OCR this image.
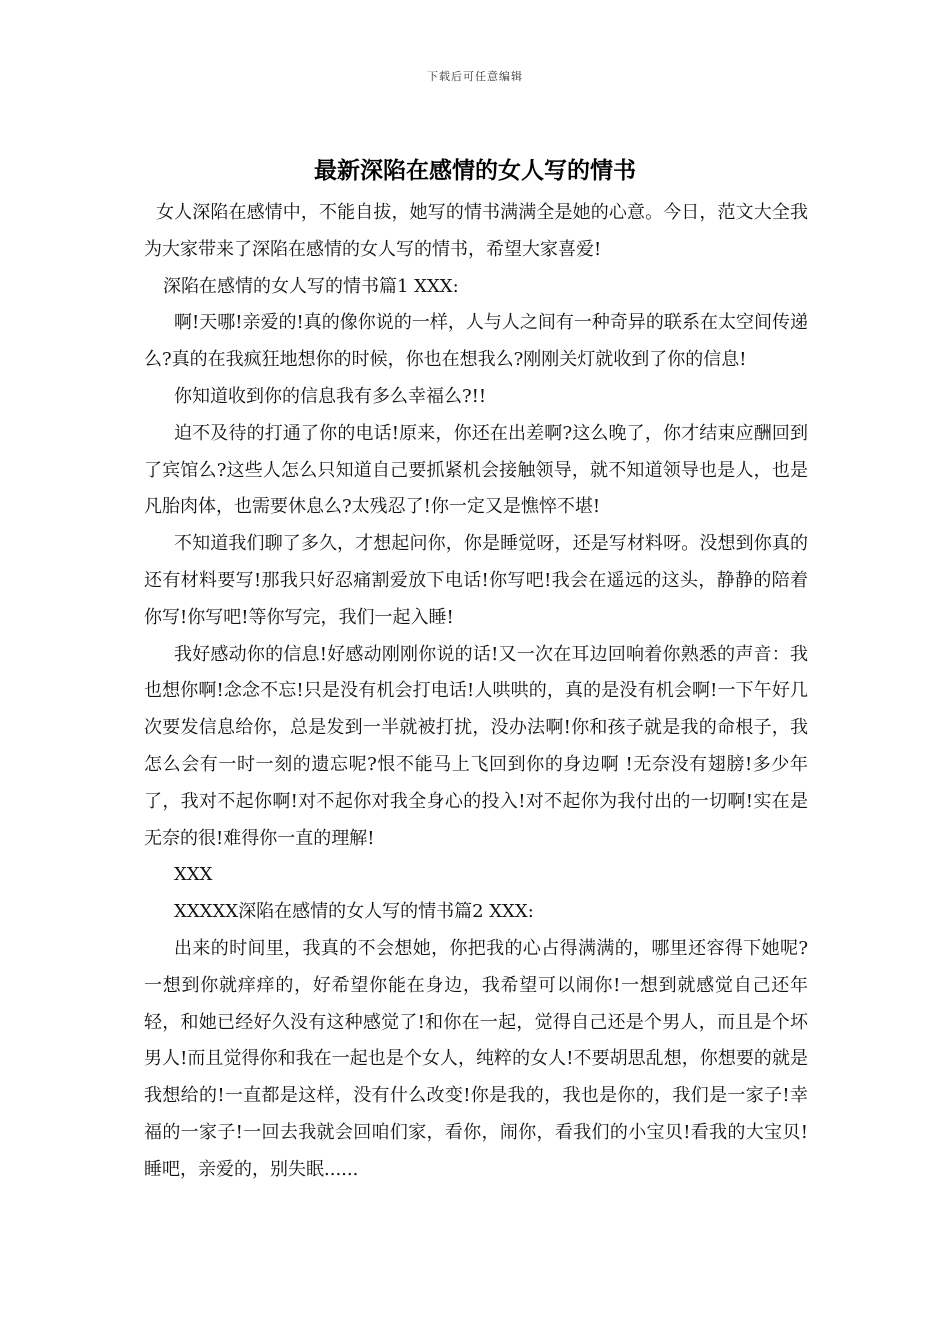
下载后可任意编辑
最新深陷在感情的女人写的情书

女人深陷在感情中，不能自拔，她写的情书满满全是她的心意。今日，范文大全我为大家带来了深陷在感情的女人写的情书，希望大家喜爱!

深陷在感情的女人写的情书篇1 XXX:

啊!天哪!亲爱的!真的像你说的一样，人与人之间有一种奇异的联系在太空间传递么?真的在我疯狂地想你的时候，你也在想我么?刚刚关灯就收到了你的信息!

你知道收到你的信息我有多么幸福么?!!

迫不及待的打通了你的电话!原来，你还在出差啊?这么晚了，你才结束应酬回到了宾馆么?这些人怎么只知道自己要抓紧机会接触领导，就不知道领导也是人，也是凡胎肉体，也需要休息么?太残忍了!你一定又是憔悴不堪!

不知道我们聊了多久，才想起问你，你是睡觉呀，还是写材料呀。没想到你真的还有材料要写!那我只好忍痛割爱放下电话!你写吧!我会在遥远的这头，静静的陪着你写!你写吧!等你写完，我们一起入睡!

我好感动你的信息!好感动刚刚你说的话!又一次在耳边回响着你熟悉的声音：我也想你啊!念念不忘!只是没有机会打电话!人哄哄的，真的是没有机会啊!一下午好几次要发信息给你，总是发到一半就被打扰，没办法啊!你和孩子就是我的命根子，我怎么会有一时一刻的遗忘呢?恨不能马上飞回到你的身边啊 !无奈没有翅膀!多少年了，我对不起你啊!对不起你对我全身心的投入!对不起你为我付出的一切啊!实在是无奈的很!难得你一直的理解!

XXX

XXXXX深陷在感情的女人写的情书篇2 XXX:

出来的时间里，我真的不会想她，你把我的心占得满满的，哪里还容得下她呢?一想到你就痒痒的，好希望你能在身边，我希望可以闹你!一想到就感觉自己还年轻，和她已经好久没有这种感觉了!和你在一起，觉得自己还是个男人，而且是个坏男人!而且觉得你和我在一起也是个女人，纯粹的女人!不要胡思乱想，你想要的就是我想给的!一直都是这样，没有什么改变!你是我的，我也是你的，我们是一家子!幸福的一家子!一回去我就会回咱们家，看你，闹你，看我们的小宝贝!看我的大宝贝!睡吧，亲爱的，别失眠......
